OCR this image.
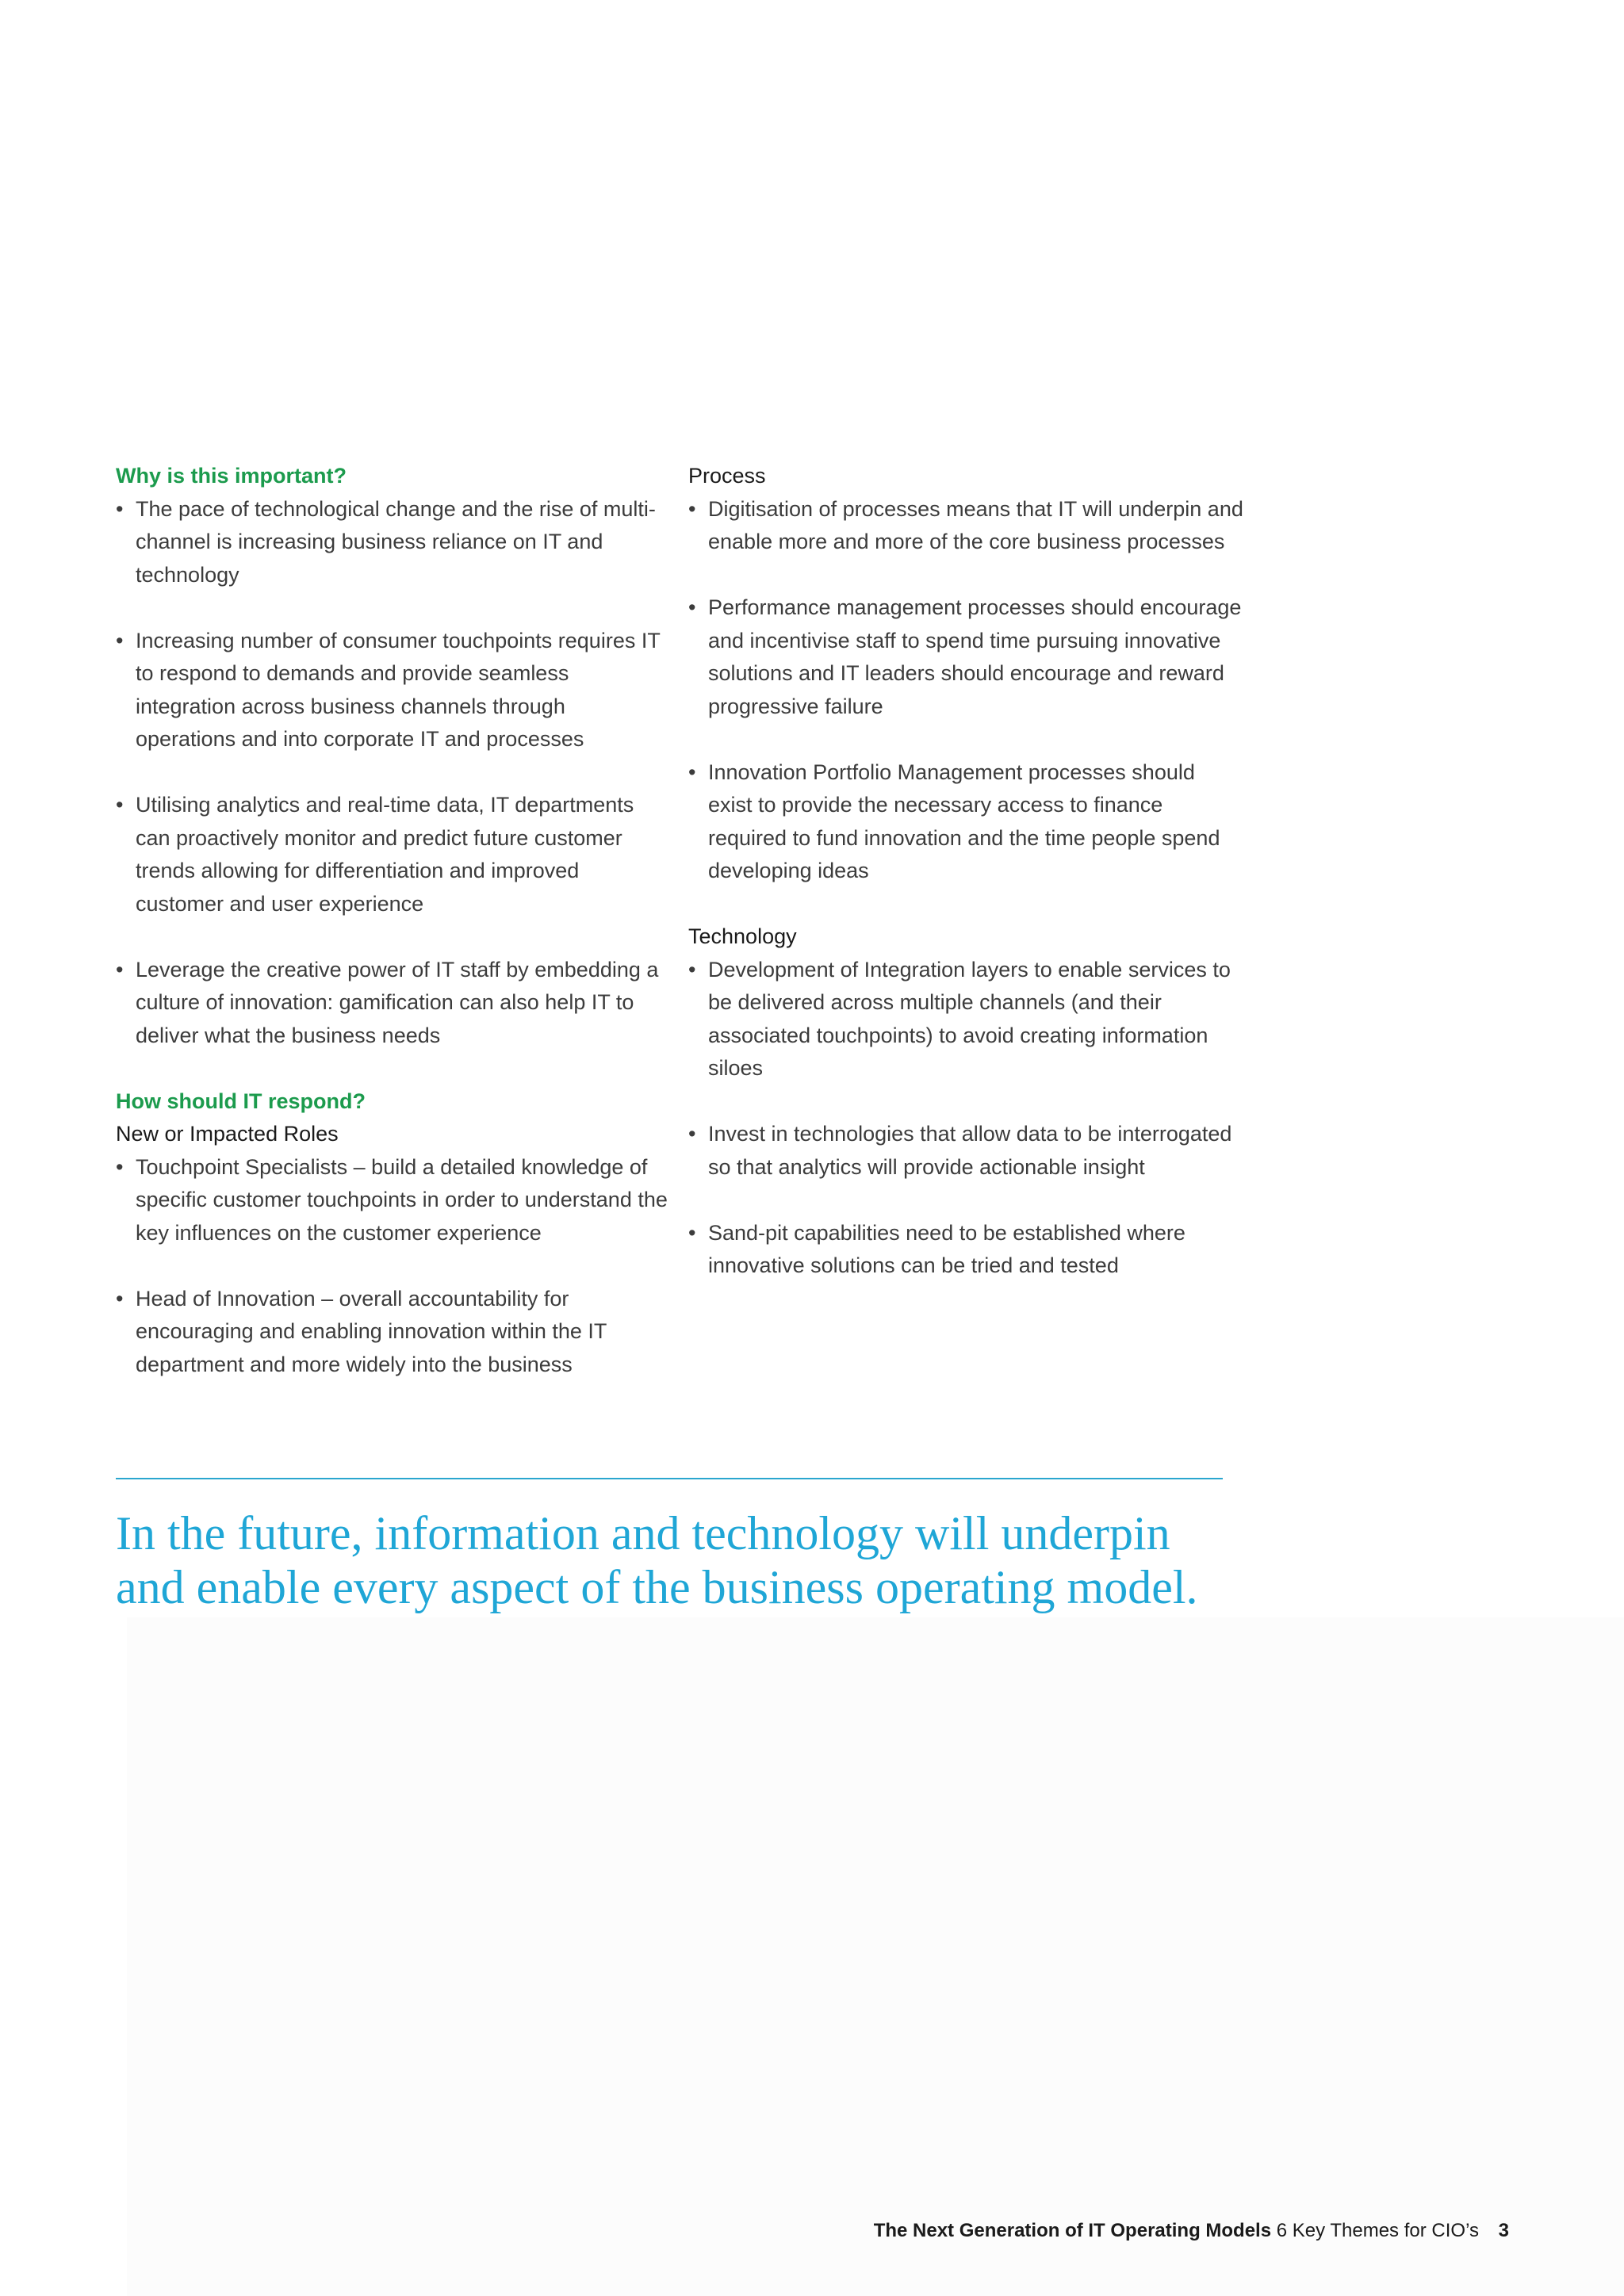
Why is this important?

• The pace of technological change and the rise of multi-channel is increasing business reliance on IT and technology
• Increasing number of consumer touchpoints requires IT to respond to demands and provide seamless integration across business channels through operations and into corporate IT and processes
• Utilising analytics and real-time data, IT departments can proactively monitor and predict future customer trends allowing for differentiation and improved customer and user experience
• Leverage the creative power of IT staff by embedding a culture of innovation: gamification can also help IT to deliver what the business needs

How should IT respond?

New or Impacted Roles

• Touchpoint Specialists – build a detailed knowledge of specific customer touchpoints in order to understand the key influences on the customer experience
• Head of Innovation – overall accountability for encouraging and enabling innovation within the IT department and more widely into the business

Process

• Digitisation of processes means that IT will underpin and enable more and more of the core business processes
• Performance management processes should encourage and incentivise staff to spend time pursuing innovative solutions and IT leaders should encourage and reward progressive failure
• Innovation Portfolio Management processes should exist to provide the necessary access to finance required to fund innovation and the time people spend developing ideas

Technology

• Development of Integration layers to enable services to be delivered across multiple channels (and their associated touchpoints) to avoid creating information siloes
• Invest in technologies that allow data to be interrogated so that analytics will provide actionable insight
• Sand-pit capabilities need to be established where innovative solutions can be tried and tested

In the future, information and technology will underpin and enable every aspect of the business operating model.

The Next Generation of IT Operating Models 6 Key Themes for CIO’s 3
